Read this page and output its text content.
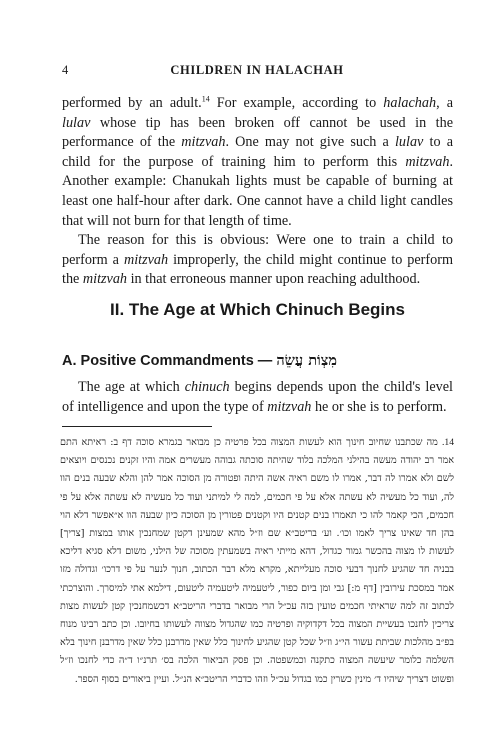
4	CHILDREN IN HALACHAH

performed by an adult.$^{14}$ For example, according to halachah, a lulav whose tip has been broken off cannot be used in the performance of the mitzvah. One may not give such a lulav to a child for the purpose of training him to perform this mitzvah. Another example: Chanukah lights must be capable of burning at least one half-hour after dark. One cannot have a child light candles that will not burn for that length of time.

The reason for this is obvious: Were one to train a child to perform a mitzvah improperly, the child might continue to perform the mitzvah in that erroneous manner upon reaching adulthood.

II. The Age at Which Chinuch Begins
A. Positive Commandments — מִצְוֹת עֲשֵׂה

The age at which chinuch begins depends upon the child's level of intelligence and upon the type of mitzvah he or she is to perform.

14. מה שכתבנו שחיוב חינוך הוא לעשות המצוה בכל פרטיה כן מבואר בגמרא סוכה דף ב: ראיתא התם אמר רב יהודה מעשה בהילני המלכה בלוד שהיתה סוכתה גבוהה מעשרים אמה והיו זקנים נכנסים ויוצאים לשם ולא אמרו לה דבר, אמרו לו משם ראיה אשה היתה ופטורה מן הסוכה אמר להן והלא שבעה בנים הוו לה, ועוד כל מעשיה לא עשתה אלא על פי חכמים, למה לי למיתני ועוד כל מעשיה לא עשתה אלא על פי חכמים, הכי קאמר להו כי תאמרו בנים קטנים היו וקטנים פטורין מן הסוכה כיון שבעה הוו א״אפשר דלא הוי בהן חד שאינו צריך לאמו וכו׳. וע׳ בריטב״א שם וז״ל מהא שמעינן דקטן שמחנכין אותו במצות [צריך] לעשות לו מצוה בהכשר גמור כגדול, דהא מייתי ראיה בשמעתין מסוכה של הילני, משום דלא סגיא דליכא בבניה חד שהגיע לחנוך דבעי סוכה מעלייתא, מקרא מלא דבר הכתוב, חנוך לנער על פי דרכו׳ וגדולה מזו אמר במסכת עירובין [דף מ:] גבי ומן ביום כפור, ליטעמיה ליטעמיה ליטעום, דילמא אתי למיסרך. והוצרכתי לכתוב זה למה שראיתי חכמים טועין בזה עכ״ל הרי מבואר בדברי הריטב״א דכשמחנכין קטן לעשות מצות צריכין לחנכו בעשיית המצוה בכל דקדוקיה ופרטיה כמו שהגדול מצווה לעשותו בחיובו. וכן כתב רבינו מנוח בפ״ב מהלכות שביתת עשור הי״ג וז״ל שכל קטן שהגיע לחינוך כלל שאין מדרבנן כלל שאין מדרבנן חינוך בלא השלמה כלומר שיעשה המצוה כתקנה וכמשפטה. וכן פסק הביאור הלכה בס׳ תרנ״ו ד״ה כדי לחנכו וז״ל ופשוט דצריך שיהיו ד׳ מינין כשרין כמו בגדול עכ״ל וזהו כדברי הריטב״א הנ״ל. ועיין ביאורים בסוף הספר.
